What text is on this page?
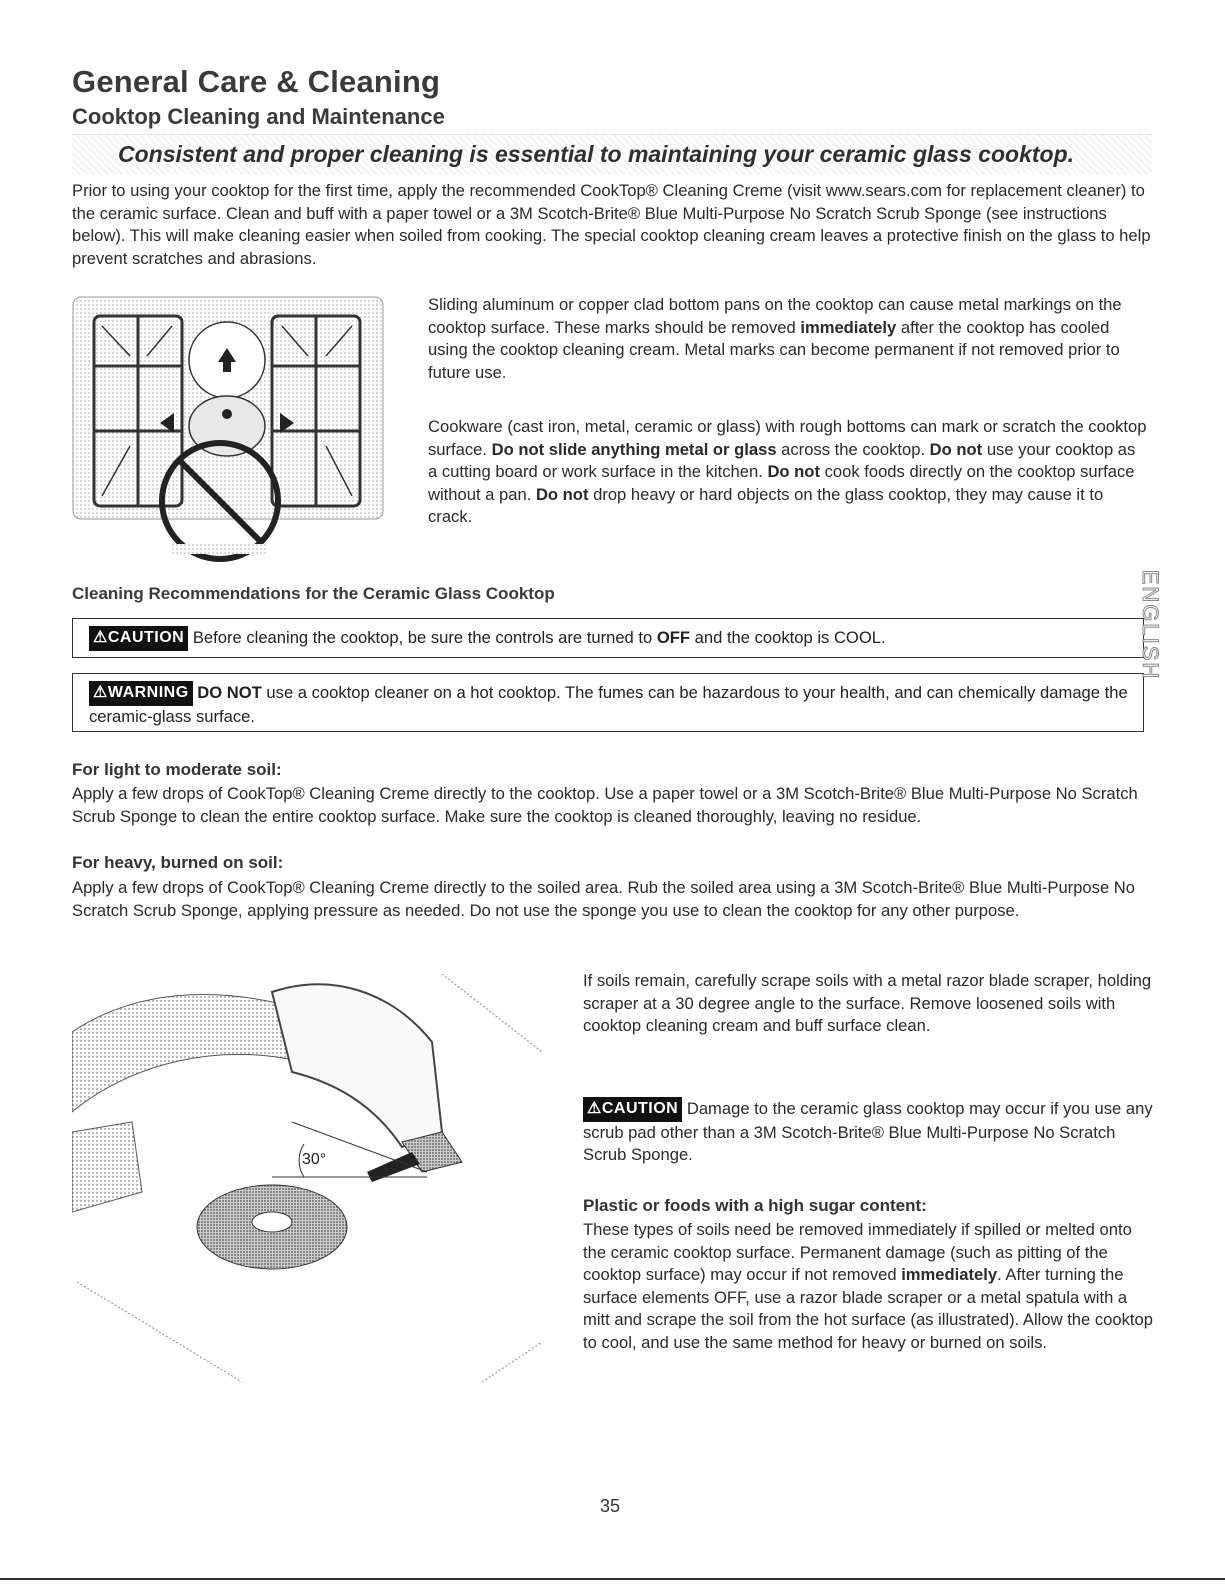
General Care & Cleaning
Cooktop Cleaning and Maintenance
Consistent and proper cleaning is essential to maintaining your ceramic glass cooktop.
Prior to using your cooktop for the first time, apply the recommended CookTop® Cleaning Creme (visit www.sears.com for replacement cleaner) to the ceramic surface. Clean and buff with a paper towel or a 3M Scotch-Brite® Blue Multi-Purpose No Scratch Scrub Sponge (see instructions below). This will make cleaning easier when soiled from cooking. The special cooktop cleaning cream leaves a protective finish on the glass to help prevent scratches and abrasions.
Sliding aluminum or copper clad bottom pans on the cooktop can cause metal markings on the cooktop surface. These marks should be removed immediately after the cooktop has cooled using the cooktop cleaning cream. Metal marks can become permanent if not removed prior to future use.
Cookware (cast iron, metal, ceramic or glass) with rough bottoms can mark or scratch the cooktop surface. Do not slide anything metal or glass across the cooktop. Do not use your cooktop as a cutting board or work surface in the kitchen. Do not cook foods directly on the cooktop surface without a pan. Do not drop heavy or hard objects on the glass cooktop, they may cause it to crack.
Cleaning Recommendations for the Ceramic Glass Cooktop
⚠CAUTION Before cleaning the cooktop, be sure the controls are turned to OFF and the cooktop is COOL.
⚠WARNING DO NOT use a cooktop cleaner on a hot cooktop. The fumes can be hazardous to your health, and can chemically damage the ceramic-glass surface.
For light to moderate soil:
Apply a few drops of CookTop® Cleaning Creme directly to the cooktop. Use a paper towel or a 3M Scotch-Brite® Blue Multi-Purpose No Scratch Scrub Sponge to clean the entire cooktop surface. Make sure the cooktop is cleaned thoroughly, leaving no residue.
For heavy, burned on soil:
Apply a few drops of CookTop® Cleaning Creme directly to the soiled area. Rub the soiled area using a 3M Scotch-Brite® Blue Multi-Purpose No Scratch Scrub Sponge, applying pressure as needed. Do not use the sponge you use to clean the cooktop for any other purpose.
30°
If soils remain, carefully scrape soils with a metal razor blade scraper, holding scraper at a 30 degree angle to the surface. Remove loosened soils with cooktop cleaning cream and buff surface clean.
⚠CAUTION Damage to the ceramic glass cooktop may occur if you use any scrub pad other than a 3M Scotch-Brite® Blue Multi-Purpose No Scratch Scrub Sponge.
Plastic or foods with a high sugar content:
These types of soils need be removed immediately if spilled or melted onto the ceramic cooktop surface. Permanent damage (such as pitting of the cooktop surface) may occur if not removed immediately. After turning the surface elements OFF, use a razor blade scraper or a metal spatula with a mitt and scrape the soil from the hot surface (as illustrated). Allow the cooktop to cool, and use the same method for heavy or burned on soils.
ENGLISH
35
